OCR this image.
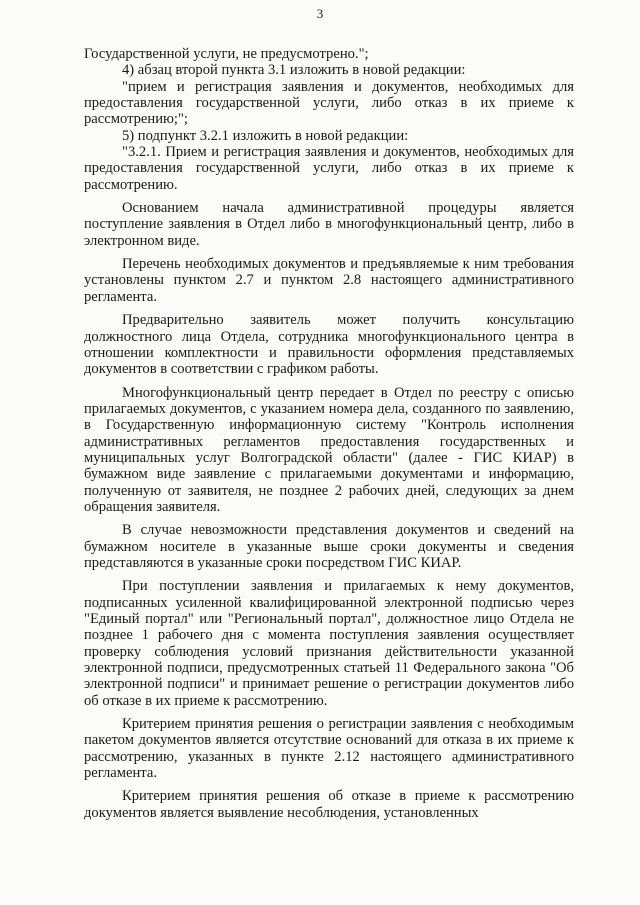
3

Государственной услуги, не предусмотрено.";

4) абзац второй пункта 3.1 изложить в новой редакции:

"прием и регистрация заявления и документов, необходимых для предоставления государственной услуги, либо отказ в их приеме к рассмотрению;";

5) подпункт 3.2.1 изложить в новой редакции:

"3.2.1. Прием и регистрация заявления и документов, необходимых для предоставления государственной услуги, либо отказ в их приеме к рассмотрению.

Основанием начала административной процедуры является поступление заявления в Отдел либо в многофункциональный центр, либо в электронном виде.

Перечень необходимых документов и предъявляемые к ним требования установлены пунктом 2.7 и пунктом 2.8 настоящего административного регламента.

Предварительно заявитель может получить консультацию должностного лица Отдела, сотрудника многофункционального центра в отношении комплектности и правильности оформления представляемых документов в соответствии с графиком работы.

Многофункциональный центр передает в Отдел по реестру с описью прилагаемых документов, с указанием номера дела, созданного по заявлению, в Государственную информационную систему "Контроль исполнения административных регламентов предоставления государственных и муниципальных услуг Волгоградской области" (далее - ГИС КИАР) в бумажном виде заявление с прилагаемыми документами и информацию, полученную от заявителя, не позднее 2 рабочих дней, следующих за днем обращения заявителя.

В случае невозможности представления документов и сведений на бумажном носителе в указанные выше сроки документы и сведения представляются в указанные сроки посредством ГИС КИАР.

При поступлении заявления и прилагаемых к нему документов, подписанных усиленной квалифицированной электронной подписью через "Единый портал" или "Региональный портал", должностное лицо Отдела не позднее 1 рабочего дня с момента поступления заявления осуществляет проверку соблюдения условий признания действительности указанной электронной подписи, предусмотренных статьей 11 Федерального закона "Об электронной подписи" и принимает решение о регистрации документов либо об отказе в их приеме к рассмотрению.

Критерием принятия решения о регистрации заявления с необходимым пакетом документов является отсутствие оснований для отказа в их приеме к рассмотрению, указанных в пункте 2.12 настоящего административного регламента.

Критерием принятия решения об отказе в приеме к рассмотрению документов является выявление несоблюдения, установленных
